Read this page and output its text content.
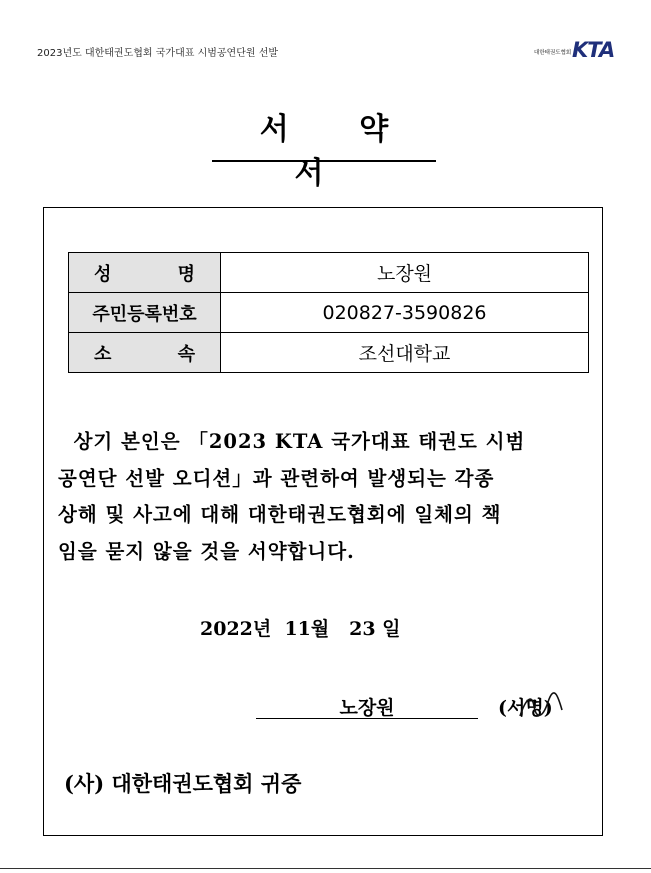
2023년도 대한태권도협회 국가대표 시범공연단원 선발	대한태권도협회 KTA
서 약 서
성 명	노장원
주민등록번호	020827-3590826
소 속	조선대학교
상기 본인은 「2023 KTA 국가대표 태권도 시범
공연단 선발 오디션」과 관련하여 발생되는 각종
상해 및 사고에 대해 대한태권도협회에 일체의 책
임을 묻지 않을 것을 서약합니다.
2022년  11월   23 일
노장원	(서명)
(사) 대한태권도협회 귀중
